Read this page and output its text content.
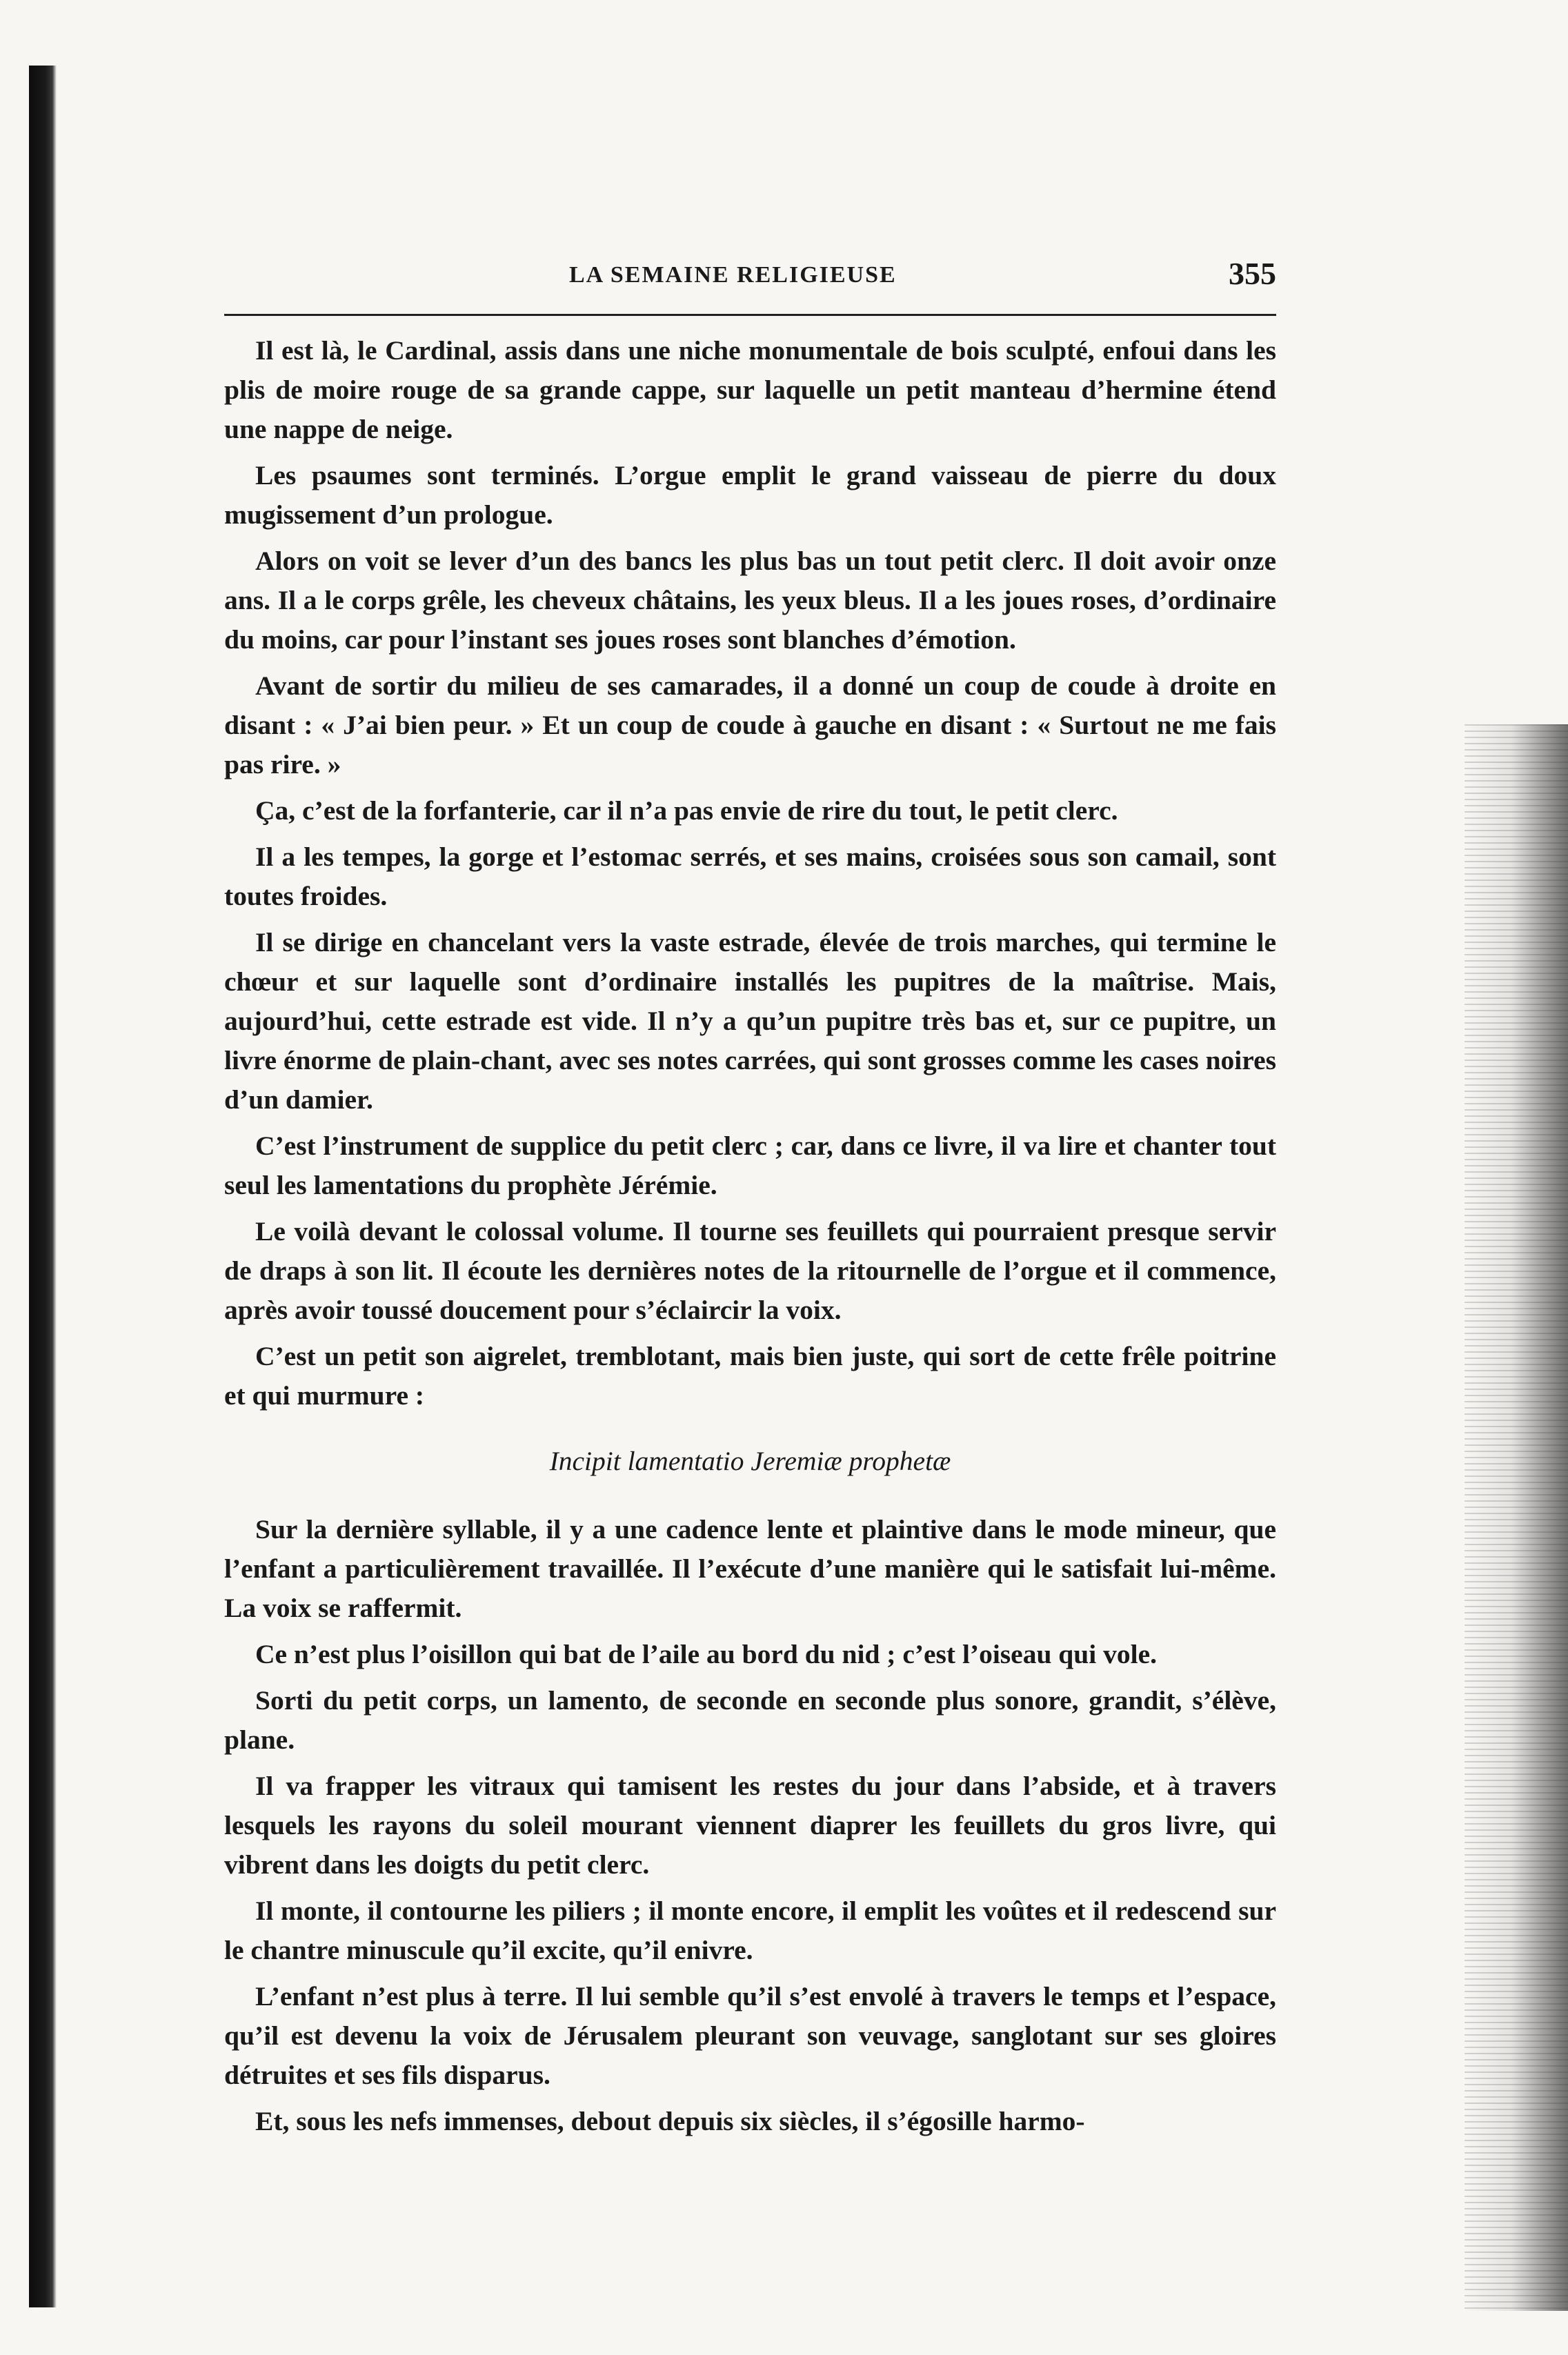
LA SEMAINE RELIGIEUSE	355

Il est là, le Cardinal, assis dans une niche monumentale de bois sculpté, enfoui dans les plis de moire rouge de sa grande cappe, sur laquelle un petit manteau d’hermine étend une nappe de neige.

Les psaumes sont terminés. L’orgue emplit le grand vaisseau de pierre du doux mugissement d’un prologue.

Alors on voit se lever d’un des bancs les plus bas un tout petit clerc. Il doit avoir onze ans. Il a le corps grêle, les cheveux châtains, les yeux bleus. Il a les joues roses, d’ordinaire du moins, car pour l’instant ses joues roses sont blanches d’émotion.

Avant de sortir du milieu de ses camarades, il a donné un coup de coude à droite en disant : « J’ai bien peur. » Et un coup de coude à gauche en disant : « Surtout ne me fais pas rire. »

Ça, c’est de la forfanterie, car il n’a pas envie de rire du tout, le petit clerc.

Il a les tempes, la gorge et l’estomac serrés, et ses mains, croisées sous son camail, sont toutes froides.

Il se dirige en chancelant vers la vaste estrade, élevée de trois marches, qui termine le chœur et sur laquelle sont d’ordinaire installés les pupitres de la maîtrise. Mais, aujourd’hui, cette estrade est vide. Il n’y a qu’un pupitre très bas et, sur ce pupitre, un livre énorme de plain-chant, avec ses notes carrées, qui sont grosses comme les cases noires d’un damier.

C’est l’instrument de supplice du petit clerc ; car, dans ce livre, il va lire et chanter tout seul les lamentations du prophète Jérémie.

Le voilà devant le colossal volume. Il tourne ses feuillets qui pourraient presque servir de draps à son lit. Il écoute les dernières notes de la ritournelle de l’orgue et il commence, après avoir toussé doucement pour s’éclaircir la voix.

C’est un petit son aigrelet, tremblotant, mais bien juste, qui sort de cette frêle poitrine et qui murmure :

Incipit lamentatio Jeremiæ prophetæ

Sur la dernière syllable, il y a une cadence lente et plaintive dans le mode mineur, que l’enfant a particulièrement travaillée. Il l’exécute d’une manière qui le satisfait lui-même. La voix se raffermit.

Ce n’est plus l’oisillon qui bat de l’aile au bord du nid ; c’est l’oiseau qui vole.

Sorti du petit corps, un lamento, de seconde en seconde plus sonore, grandit, s’élève, plane.

Il va frapper les vitraux qui tamisent les restes du jour dans l’abside, et à travers lesquels les rayons du soleil mourant viennent diaprer les feuillets du gros livre, qui vibrent dans les doigts du petit clerc.

Il monte, il contourne les piliers ; il monte encore, il emplit les voûtes et il redescend sur le chantre minuscule qu’il excite, qu’il enivre.

L’enfant n’est plus à terre. Il lui semble qu’il s’est envolé à travers le temps et l’espace, qu’il est devenu la voix de Jérusalem pleurant son veuvage, sanglotant sur ses gloires détruites et ses fils disparus.

Et, sous les nefs immenses, debout depuis six siècles, il s’égosille harmo-
